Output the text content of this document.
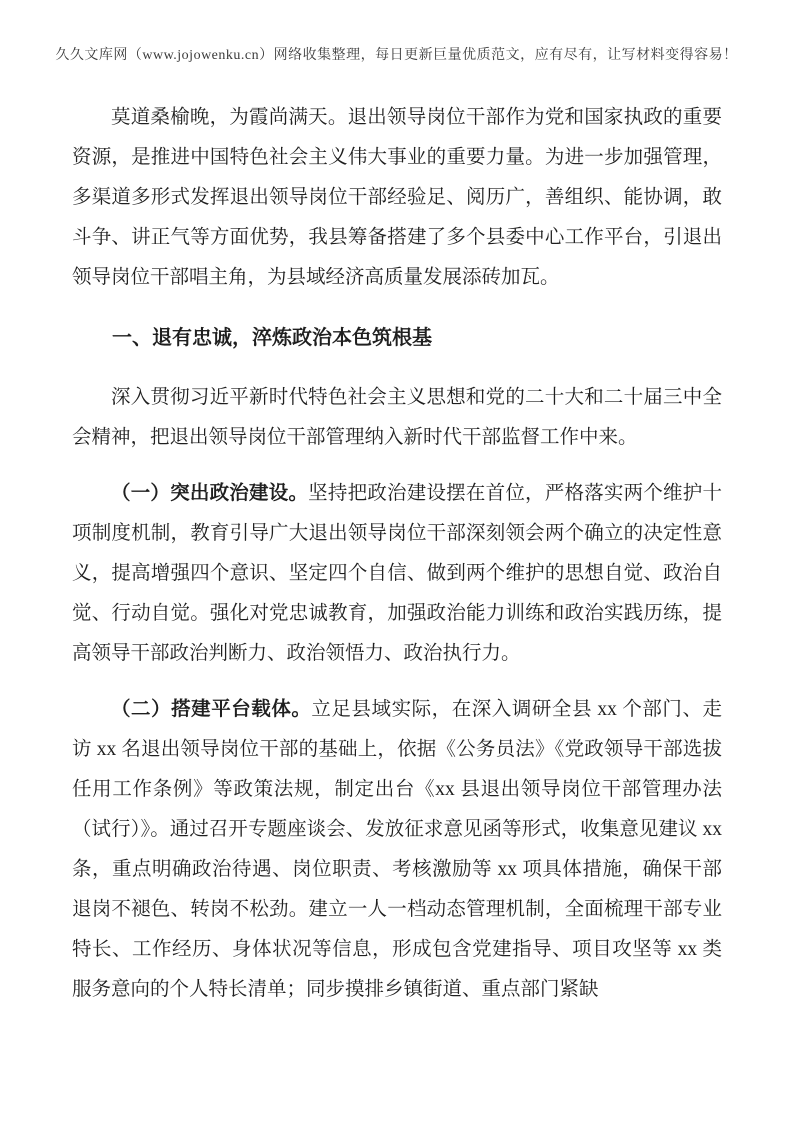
久久文库网（www.jojowenku.cn）网络收集整理，每日更新巨量优质范文，应有尽有，让写材料变得容易！

莫道桑榆晚，为霞尚满天。退出领导岗位干部作为党和国家执政的重要资源，是推进中国特色社会主义伟大事业的重要力量。为进一步加强管理，多渠道多形式发挥退出领导岗位干部经验足、阅历广，善组织、能协调，敢斗争、讲正气等方面优势，我县筹备搭建了多个县委中心工作平台，引退出领导岗位干部唱主角，为县域经济高质量发展添砖加瓦。

一、退有忠诚，淬炼政治本色筑根基

深入贯彻习近平新时代特色社会主义思想和党的二十大和二十届三中全会精神，把退出领导岗位干部管理纳入新时代干部监督工作中来。

（一）突出政治建设。坚持把政治建设摆在首位，严格落实两个维护十项制度机制，教育引导广大退出领导岗位干部深刻领会两个确立的决定性意义，提高增强四个意识、坚定四个自信、做到两个维护的思想自觉、政治自觉、行动自觉。强化对党忠诚教育，加强政治能力训练和政治实践历练，提高领导干部政治判断力、政治领悟力、政治执行力。

（二）搭建平台载体。立足县域实际，在深入调研全县 xx 个部门、走访 xx 名退出领导岗位干部的基础上，依据《公务员法》《党政领导干部选拔任用工作条例》等政策法规，制定出台《xx 县退出领导岗位干部管理办法（试行）》。通过召开专题座谈会、发放征求意见函等形式，收集意见建议 xx 条，重点明确政治待遇、岗位职责、考核激励等 xx 项具体措施，确保干部退岗不褪色、转岗不松劲。建立一人一档动态管理机制，全面梳理干部专业特长、工作经历、身体状况等信息，形成包含党建指导、项目攻坚等 xx 类服务意向的个人特长清单；同步摸排乡镇街道、重点部门紧缺
